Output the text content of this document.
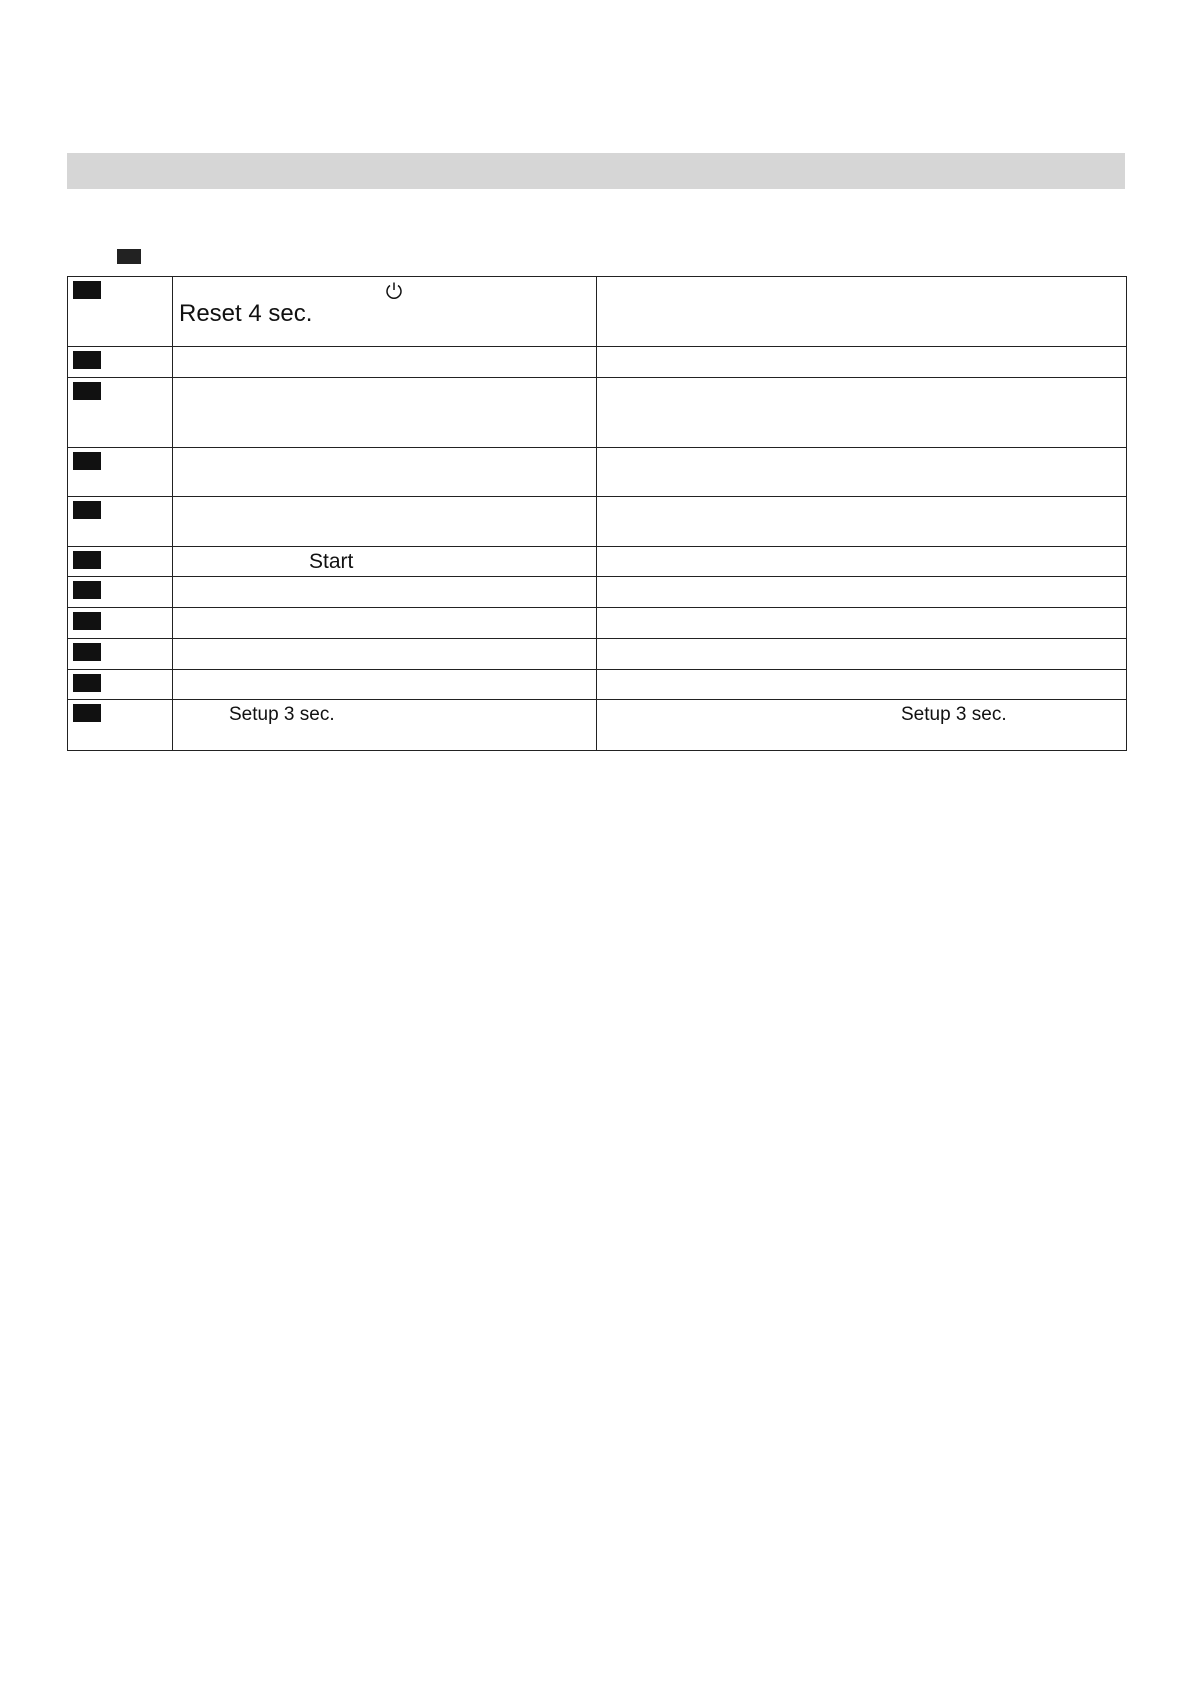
	Reset 4 sec.	

	Start	

	Setup 3 sec.	Setup 3 sec.
